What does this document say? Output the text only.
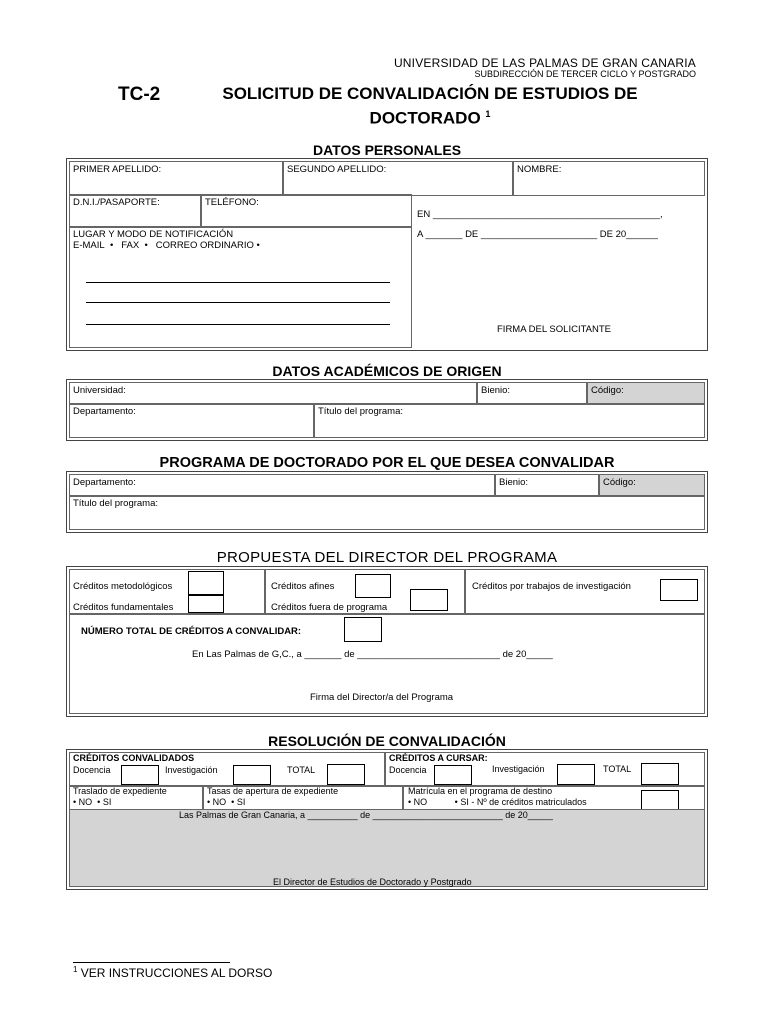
UNIVERSIDAD DE LAS PALMAS DE GRAN CANARIA
SUBDIRECCIÓN DE TERCER CICLO Y POSTGRADO
TC-2	SOLICITUD DE CONVALIDACIÓN DE ESTUDIOS DE
DOCTORADO $^1$
DATOS PERSONALES
PRIMER APELLIDO:	SEGUNDO APELLIDO:	NOMBRE:
D.N.I./PASAPORTE:	TELÉFONO:
LUGAR Y MODO DE NOTIFICACIÓN
E-MAIL • FAX • CORREO ORDINARIO •
EN ___________________________________________,
A _______ DE ______________________ DE 20______
FIRMA DEL SOLICITANTE
DATOS ACADÉMICOS DE ORIGEN
Universidad:	Bienio:	Código:
Departamento:	Título del programa:
PROGRAMA DE DOCTORADO POR EL QUE DESEA CONVALIDAR
Departamento:	Bienio:	Código:
Título del programa:
PROPUESTA DEL DIRECTOR DEL PROGRAMA
Créditos metodológicos
Créditos fundamentales
Créditos afines
Créditos fuera de programa
Créditos por trabajos de investigación
NÚMERO TOTAL DE CRÉDITOS A CONVALIDAR:
En Las Palmas de G,C., a _______ de ___________________________ de 20_____
Firma del Director/a del Programa
RESOLUCIÓN DE CONVALIDACIÓN
CRÉDITOS CONVALIDADOS
Docencia	Investigación	TOTAL
CRÉDITOS A CURSAR:
Docencia	Investigación	TOTAL
Traslado de expediente
• NO  • SI
Tasas de apertura de expediente
• NO  • SI
Matrícula en el programa de destino
• NO           • SI - Nº de créditos matriculados
Las Palmas de Gran Canaria, a __________ de __________________________ de 20_____
El Director de Estudios de Doctorado y Postgrado
$^1$ VER INSTRUCCIONES AL DORSO
